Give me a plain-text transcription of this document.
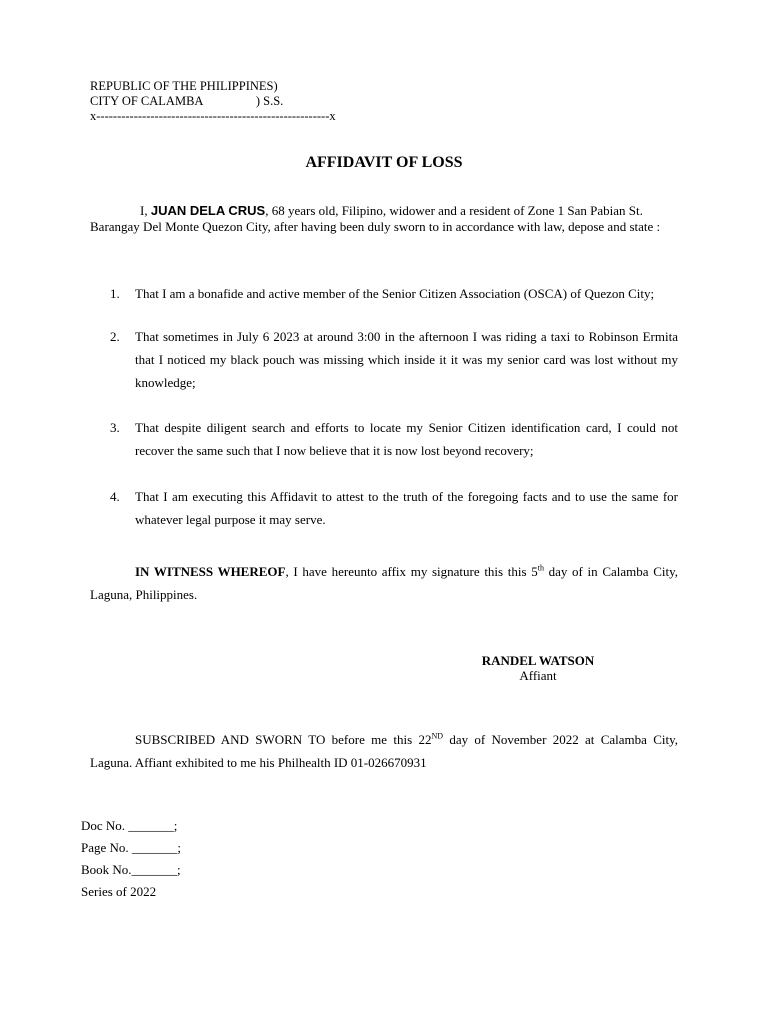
REPUBLIC OF THE PHILIPPINES)
CITY OF CALAMBA                 ) S.S.
x--------------------------------------------------------x
AFFIDAVIT OF LOSS
I, JUAN DELA CRUS, 68 years old, Filipino, widower and a resident of Zone 1 San Pabian St. Barangay Del Monte Quezon City, after having been duly sworn to in accordance with law, depose and state :
1.	That I am a bonafide and active member of the Senior Citizen Association (OSCA) of Quezon City;
2.	That sometimes in July 6 2023 at around 3:00 in the afternoon I was riding a taxi to Robinson Ermita that I noticed my black pouch was missing which inside it it was my senior card was lost without my knowledge;
3.	That despite diligent search and efforts to locate my Senior Citizen identification card, I could not recover the same such that I now believe that it is now lost beyond recovery;
4.	That I am executing this Affidavit to attest to the truth of the foregoing facts and to use the same for whatever legal purpose it may serve.
IN WITNESS WHEREOF, I have hereunto affix my signature this this 5th day of in Calamba City, Laguna, Philippines.
RANDEL WATSON
Affiant
SUBSCRIBED AND SWORN TO before me this 22ND day of November 2022 at Calamba City, Laguna. Affiant exhibited to me his Philhealth ID 01-026670931
Doc No. _______;
Page No. _______;
Book No._______;
Series of 2022
